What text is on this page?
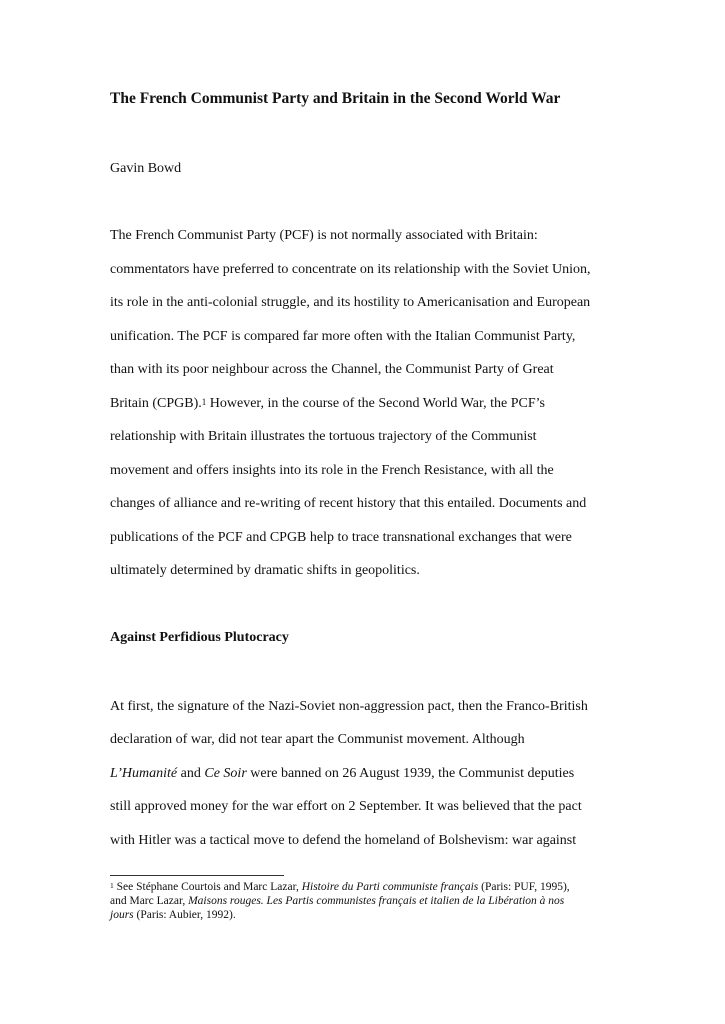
The French Communist Party and Britain in the Second World War

Gavin Bowd

The French Communist Party (PCF) is not normally associated with Britain:
commentators have preferred to concentrate on its relationship with the Soviet Union,
its role in the anti-colonial struggle, and its hostility to Americanisation and European
unification. The PCF is compared far more often with the Italian Communist Party,
than with its poor neighbour across the Channel, the Communist Party of Great
Britain (CPGB).$^1$ However, in the course of the Second World War, the PCF’s
relationship with Britain illustrates the tortuous trajectory of the Communist
movement and offers insights into its role in the French Resistance, with all the
changes of alliance and re-writing of recent history that this entailed. Documents and
publications of the PCF and CPGB help to trace transnational exchanges that were
ultimately determined by dramatic shifts in geopolitics.
Against Perfidious Plutocracy
At first, the signature of the Nazi-Soviet non-aggression pact, then the Franco-British
declaration of war, did not tear apart the Communist movement. Although
L’Humanité and Ce Soir were banned on 26 August 1939, the Communist deputies
still approved money for the war effort on 2 September. It was believed that the pact
with Hitler was a tactical move to defend the homeland of Bolshevism: war against
$^1$ See Stéphane Courtois and Marc Lazar, Histoire du Parti communiste français (Paris: PUF, 1995),
and Marc Lazar, Maisons rouges. Les Partis communistes français et italien de la Libération à nos
jours (Paris: Aubier, 1992).
